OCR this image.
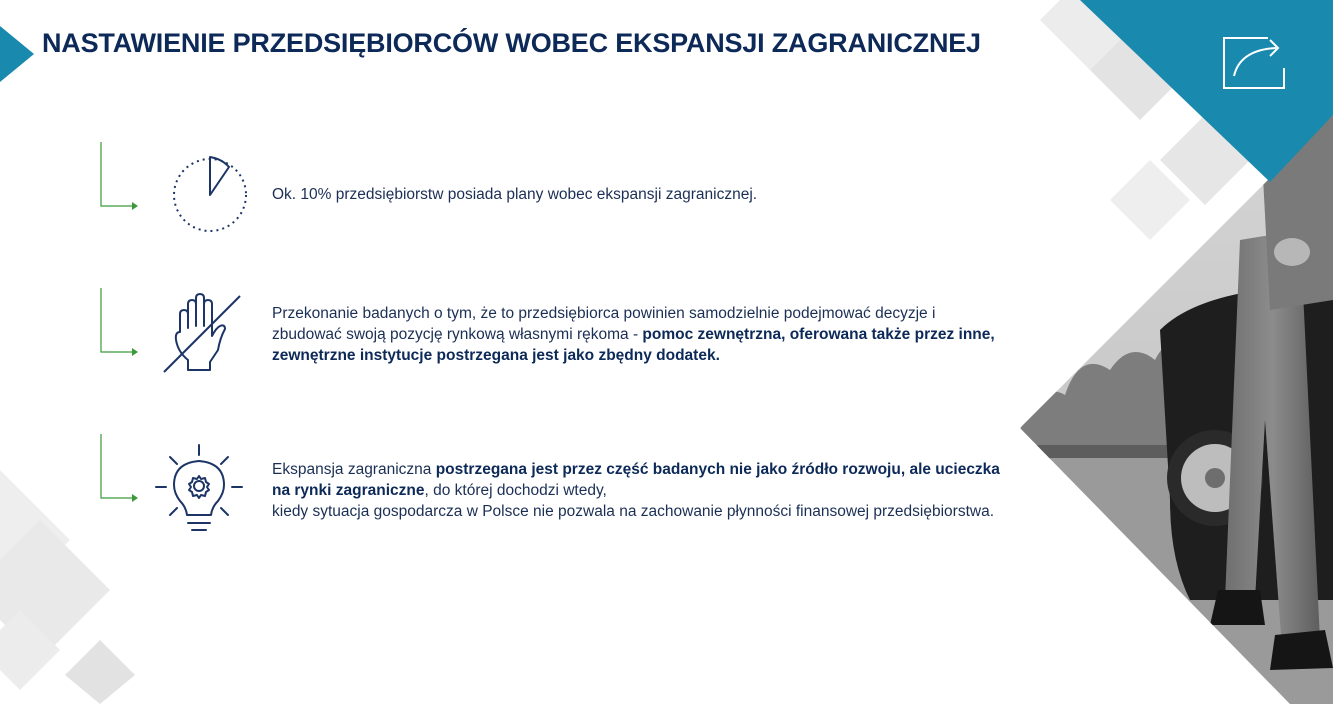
NASTAWIENIE PRZEDSIĘBIORCÓW WOBEC EKSPANSJI ZAGRANICZNEJ
Ok. 10% przedsiębiorstw posiada plany wobec ekspansji zagranicznej.
Przekonanie badanych o tym, że to przedsiębiorca powinien samodzielnie podejmować decyzje i zbudować swoją pozycję rynkową własnymi rękoma - pomoc zewnętrzna, oferowana także przez inne, zewnętrzne instytucje postrzegana jest jako zbędny dodatek.
Ekspansja zagraniczna postrzegana jest przez część badanych nie jako źródło rozwoju, ale ucieczka na rynki zagraniczne, do której dochodzi wtedy,
kiedy sytuacja gospodarcza w Polsce nie pozwala na zachowanie płynności finansowej przedsiębiorstwa.
